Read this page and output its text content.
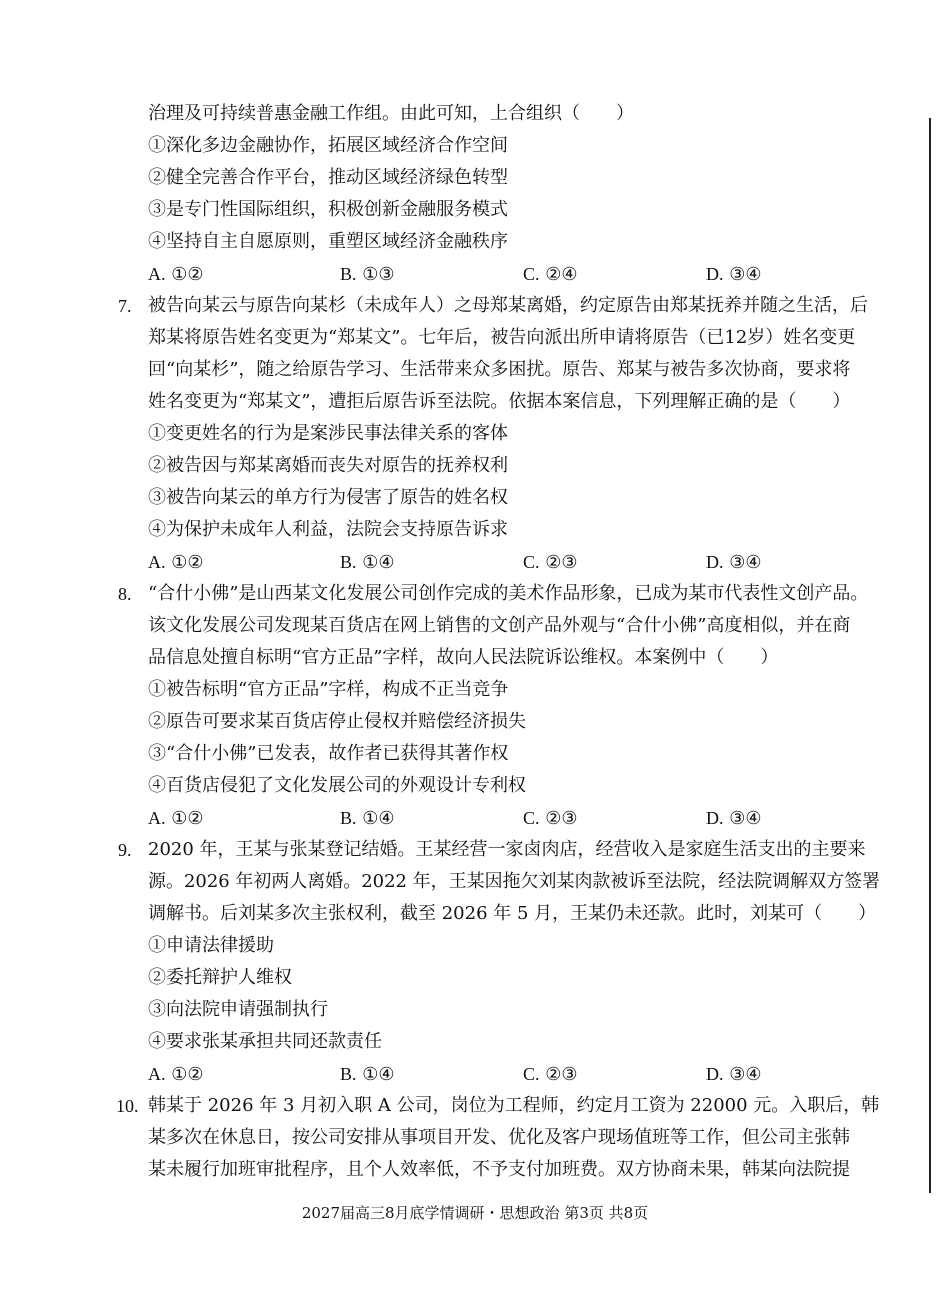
治理及可持续普惠金融工作组。由此可知，上合组织（　　）
①深化多边金融协作，拓展区域经济合作空间
②健全完善合作平台，推动区域经济绿色转型
③是专门性国际组织，积极创新金融服务模式
④坚持自主自愿原则，重塑区域经济金融秩序
A. ①②	B. ①③	C. ②④	D. ③④
7. 被告向某云与原告向某杉（未成年人）之母郑某离婚，约定原告由郑某抚养并随之生活，后
郑某将原告姓名变更为“郑某文”。七年后，被告向派出所申请将原告（已12岁）姓名变更
回“向某杉”，随之给原告学习、生活带来众多困扰。原告、郑某与被告多次协商，要求将
姓名变更为“郑某文”，遭拒后原告诉至法院。依据本案信息，下列理解正确的是（　　）
①变更姓名的行为是案涉民事法律关系的客体
②被告因与郑某离婚而丧失对原告的抚养权利
③被告向某云的单方行为侵害了原告的姓名权
④为保护未成年人利益，法院会支持原告诉求
A. ①②	B. ①④	C. ②③	D. ③④
8. “合什小佛”是山西某文化发展公司创作完成的美术作品形象，已成为某市代表性文创产品。
该文化发展公司发现某百货店在网上销售的文创产品外观与“合什小佛”高度相似，并在商
品信息处擅自标明“官方正品”字样，故向人民法院诉讼维权。本案例中（　　）
①被告标明“官方正品”字样，构成不正当竞争
②原告可要求某百货店停止侵权并赔偿经济损失
③“合什小佛”已发表，故作者已获得其著作权
④百货店侵犯了文化发展公司的外观设计专利权
A. ①②	B. ①④	C. ②③	D. ③④
9. 2020 年，王某与张某登记结婚。王某经营一家卤肉店，经营收入是家庭生活支出的主要来
源。2026 年初两人离婚。2022 年，王某因拖欠刘某肉款被诉至法院，经法院调解双方签署
调解书。后刘某多次主张权利，截至 2026 年 5 月，王某仍未还款。此时，刘某可（　　）
①申请法律援助
②委托辩护人维权
③向法院申请强制执行
④要求张某承担共同还款责任
A. ①②	B. ①④	C. ②③	D. ③④
10. 韩某于 2026 年 3 月初入职 A 公司，岗位为工程师，约定月工资为 22000 元。入职后，韩
某多次在休息日，按公司安排从事项目开发、优化及客户现场值班等工作，但公司主张韩
某未履行加班审批程序，且个人效率低，不予支付加班费。双方协商未果，韩某向法院提
2027届高三8月底学情调研・思想政治 第3页 共8页
